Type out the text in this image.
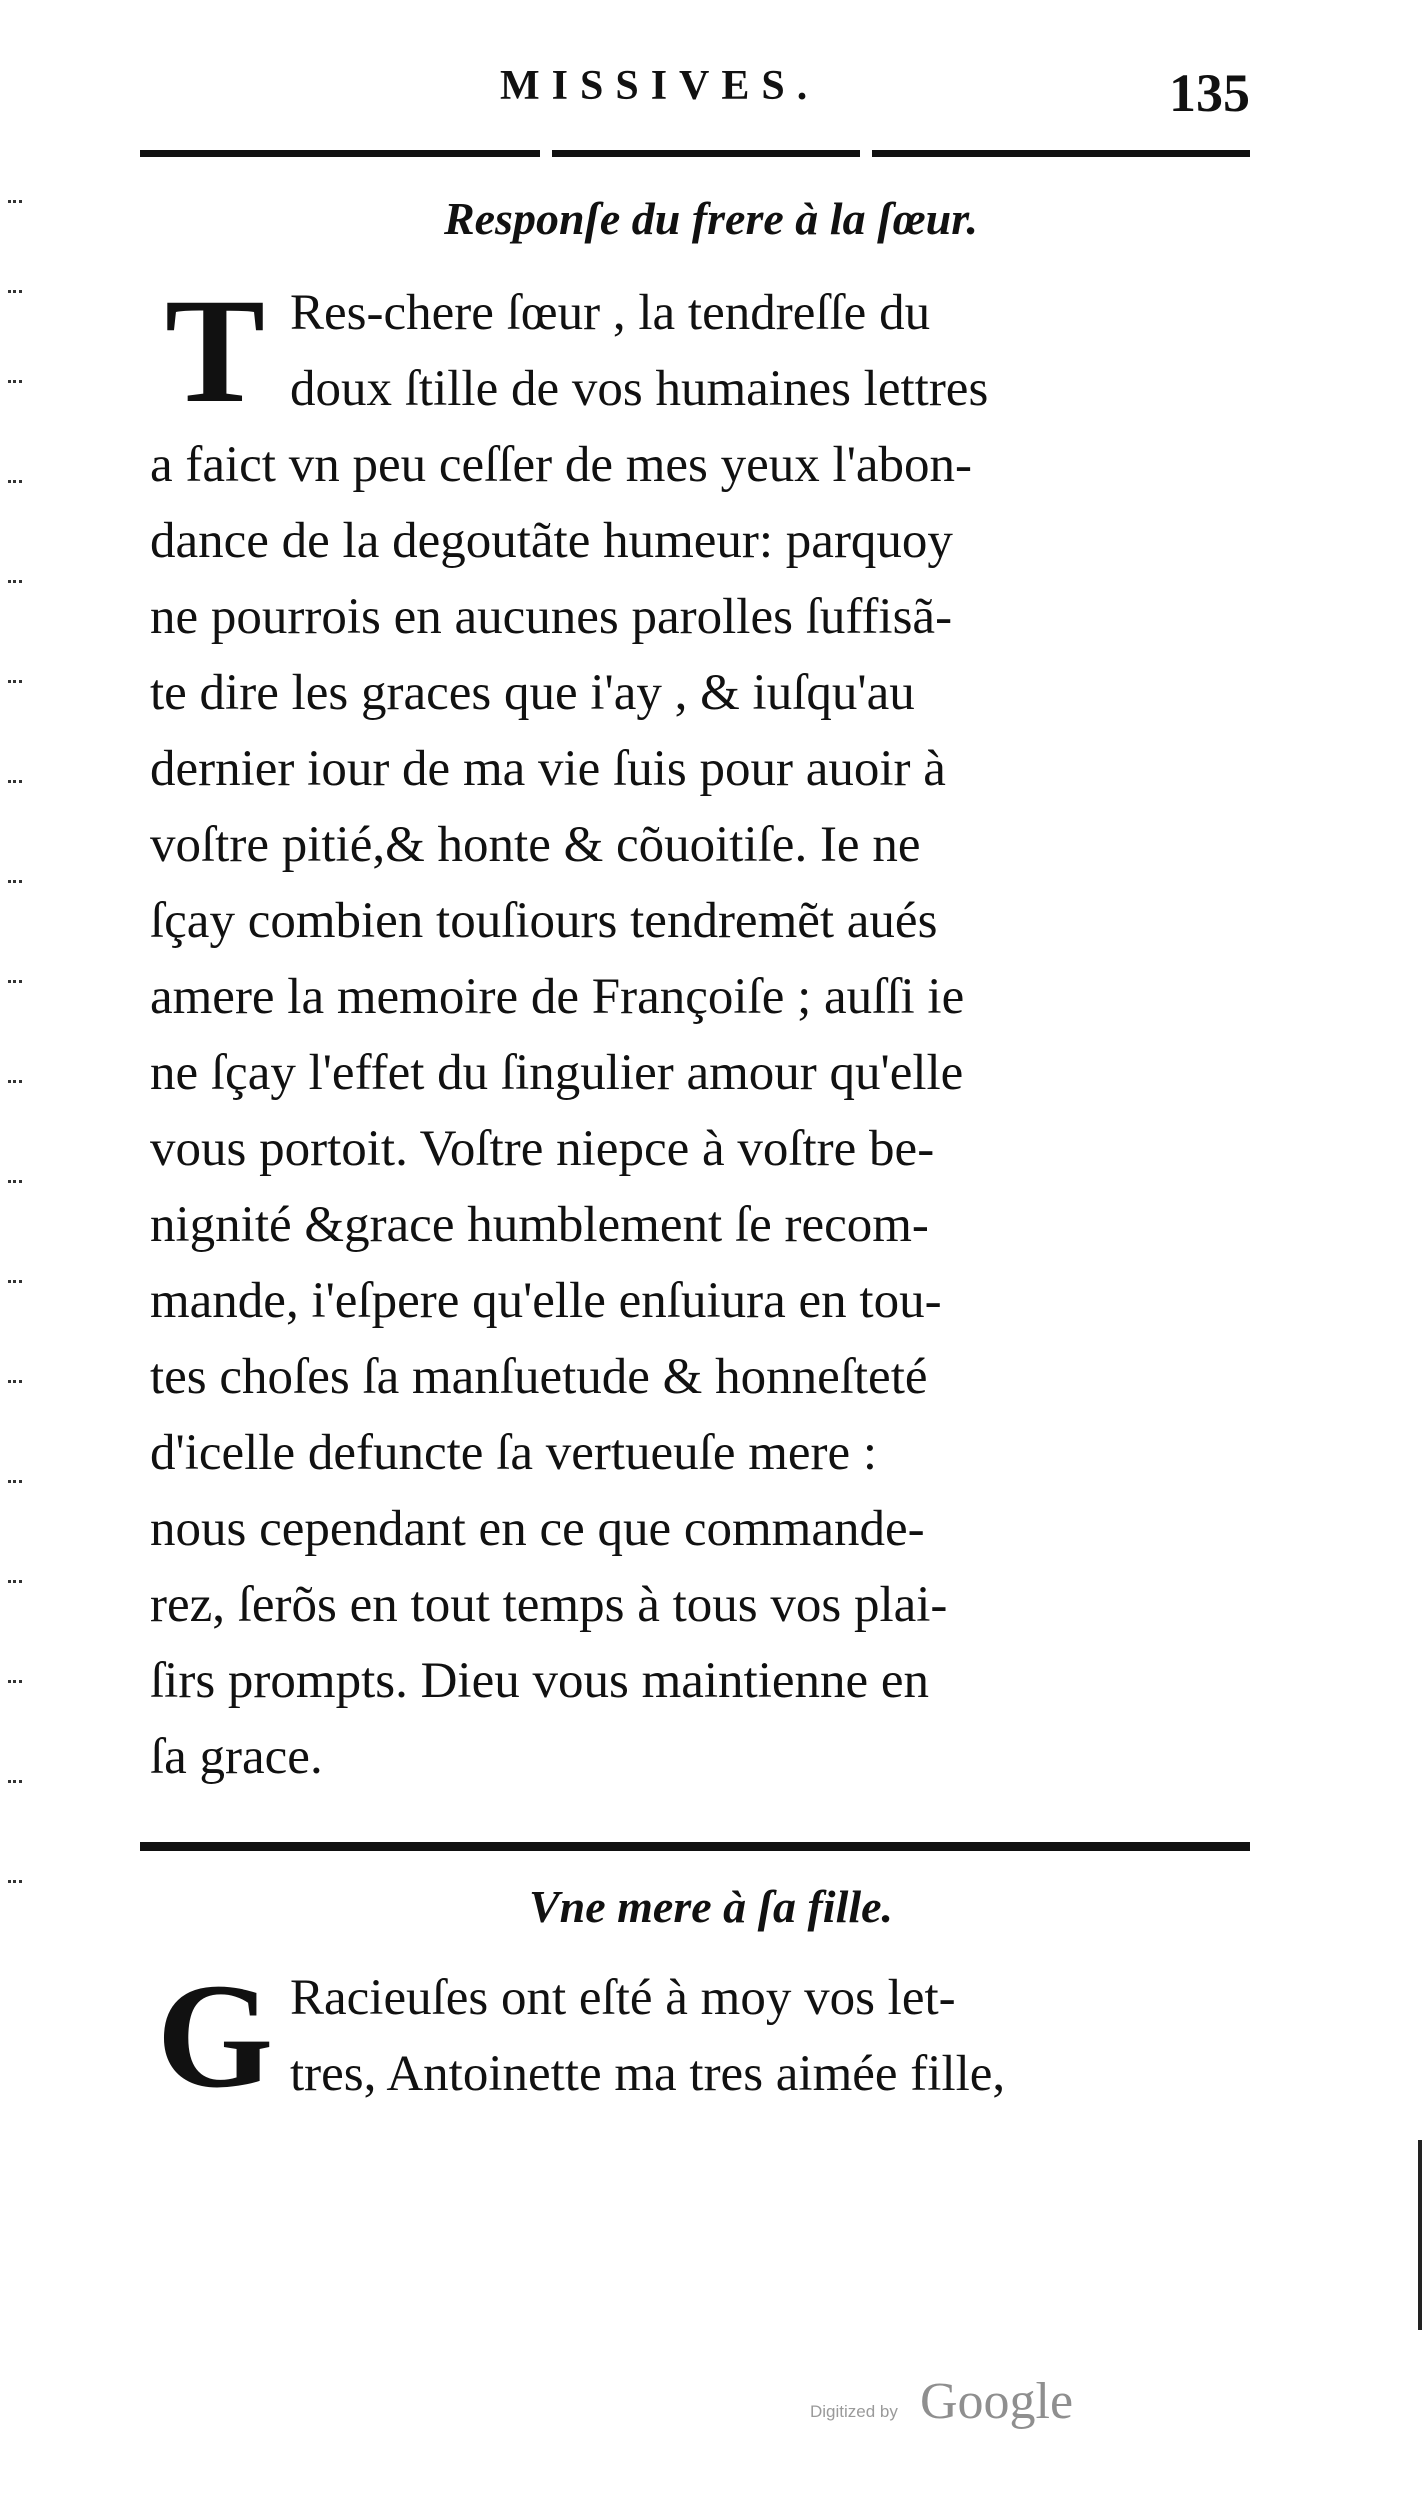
MISSIVES.	135
Responſe du frere à la ſœur.
T Res-chere ſœur , la tendreſſe du
doux ſtille de vos humaines lettres
a faict vn peu ceſſer de mes yeux l'abon-
dance de la degoutãte humeur: parquoy
ne pourrois en aucunes parolles ſuffisã-
te dire les graces que i'ay , & iuſqu'au
dernier iour de ma vie ſuis pour auoir à
voſtre pitié,& honte & cõuoitiſe. Ie ne
ſçay combien touſiours tendremẽt aués
amere la memoire de Françoiſe ; auſſi ie
ne ſçay l'effet du ſingulier amour qu'elle
vous portoit. Voſtre niepce à voſtre be-
nignité &grace humblement ſe recom-
mande, i'eſpere qu'elle enſuiura en tou-
tes choſes ſa manſuetude & honneſteté
d'icelle defuncte ſa vertueuſe mere :
nous cependant en ce que commande-
rez, ſerõs en tout temps à tous vos plai-
ſirs prompts. Dieu vous maintienne en
ſa grace.
Vne mere à ſa fille.
G Racieuſes ont eſté à moy vos let-
tres, Antoinette ma tres aimée fille,
Digitized by Google
